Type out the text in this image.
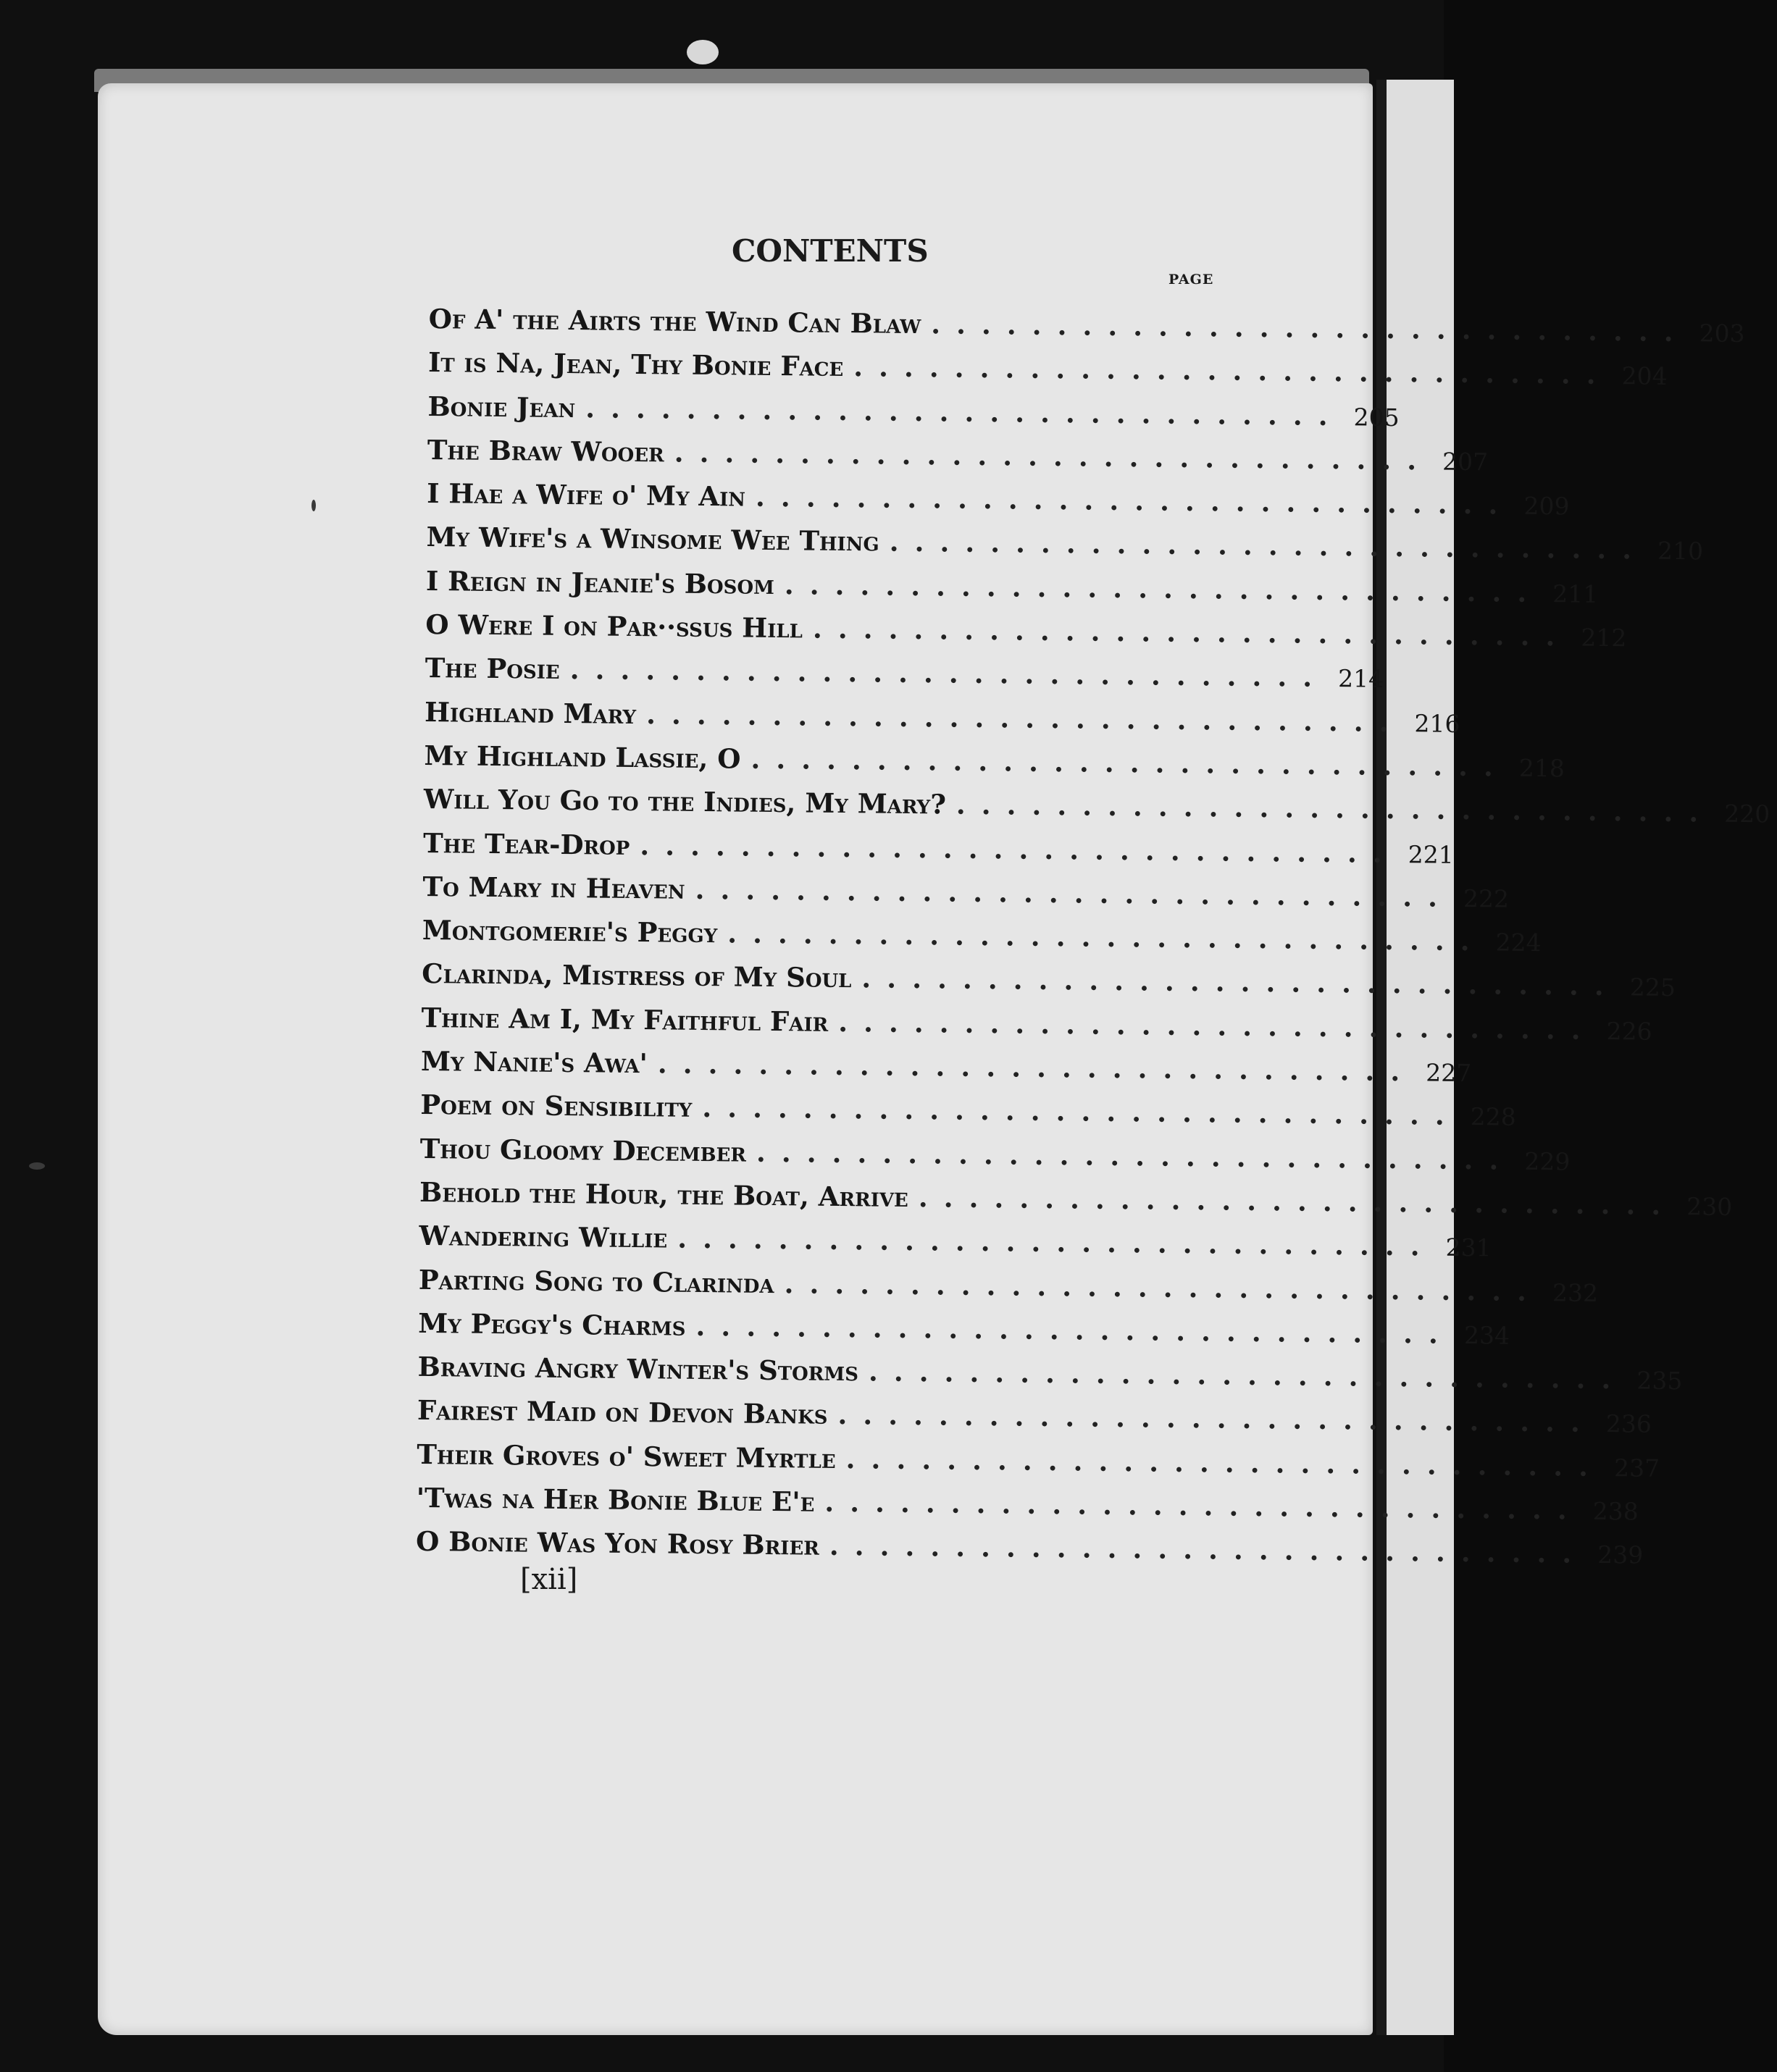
CONTENTS
PAGE
Of A' the Airts the Wind Can Blaw .............................. 203
It is Na, Jean, Thy Bonie Face .............................. 204
Bonie Jean .............................. 205
The Braw Wooer .............................. 207
I Hae a Wife o' My Ain .............................. 209
My Wife's a Winsome Wee Thing .............................. 210
I Reign in Jeanie's Bosom .............................. 211
O Were I on Par··ssus Hill .............................. 212
The Posie .............................. 214
Highland Mary .............................. 216
My Highland Lassie, O .............................. 218
Will You Go to the Indies, My Mary? .............................. 220
The Tear-Drop .............................. 221
To Mary in Heaven .............................. 222
Montgomerie's Peggy .............................. 224
Clarinda, Mistress of My Soul .............................. 225
Thine Am I, My Faithful Fair .............................. 226
My Nanie's Awa' .............................. 227
Poem on Sensibility .............................. 228
Thou Gloomy December .............................. 229
Behold the Hour, the Boat, Arrive .............................. 230
Wandering Willie .............................. 231
Parting Song to Clarinda .............................. 232
My Peggy's Charms .............................. 234
Braving Angry Winter's Storms .............................. 235
Fairest Maid on Devon Banks .............................. 236
Their Groves o' Sweet Myrtle .............................. 237
'Twas na Her Bonie Blue E'e .............................. 238
O Bonie Was Yon Rosy Brier .............................. 239
[xii]
